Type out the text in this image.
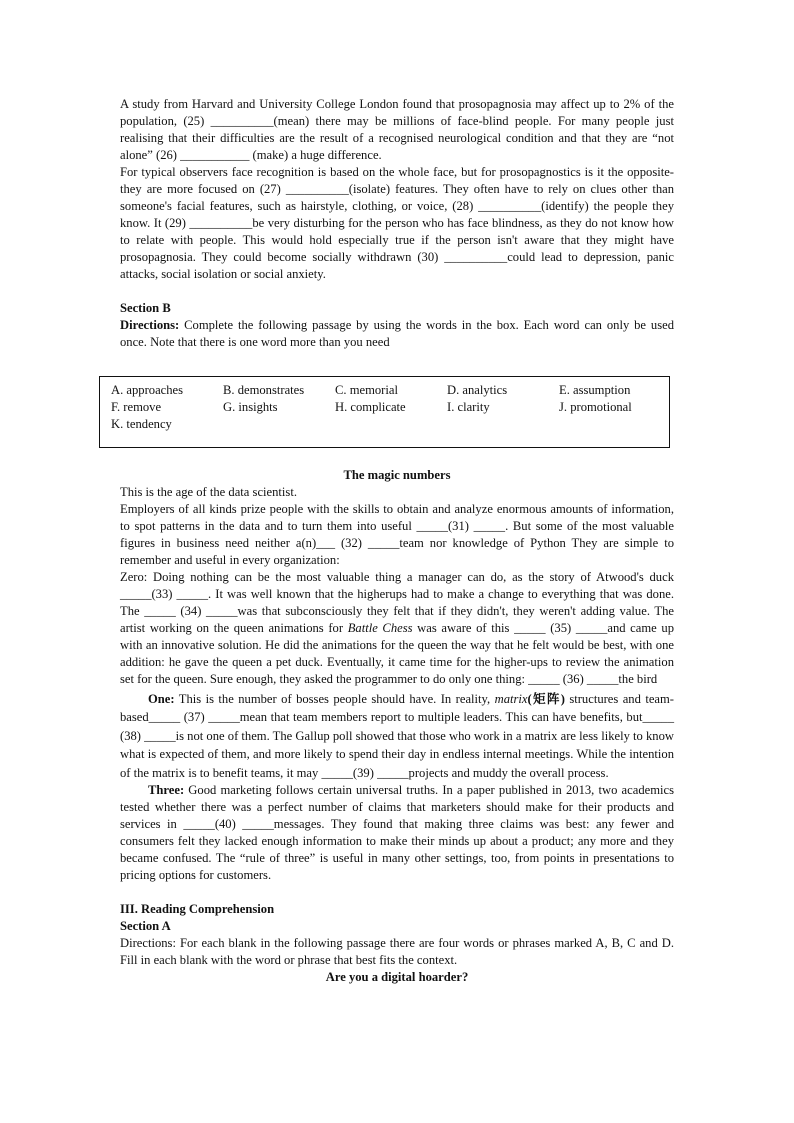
A study from Harvard and University College London found that prosopagnosia may affect up to 2% of the population, (25) __________(mean) there may be millions of face-blind people. For many people just realising that their difficulties are the result of a recognised neurological condition and that they are “not alone” (26) ___________ (make) a huge difference.

For typical observers face recognition is based on the whole face, but for prosopagnostics is it the opposite- they are more focused on (27) __________(isolate) features. They often have to rely on clues other than someone's facial features, such as hairstyle, clothing, or voice, (28) __________(identify) the people they know. It (29) __________be very disturbing for the person who has face blindness, as they do not know how to relate with people. This would hold especially true if the person isn't aware that they might have prosopagnosia. They could become socially withdrawn (30) __________could lead to depression, panic attacks, social isolation or social anxiety.

Section B

Directions: Complete the following passage by using the words in the box. Each word can only be used once. Note that there is one word more than you need

A. approaches	B. demonstrates	C. memorial	D. analytics	E. assumption
F. remove	G. insights	H. complicate	I. clarity	J. promotional
K. tendency

The magic numbers

This is the age of the data scientist.

Employers of all kinds prize people with the skills to obtain and analyze enormous amounts of information, to spot patterns in the data and to turn them into useful _____(31) _____. But some of the most valuable figures in business need neither a(n)___ (32) _____team nor knowledge of Python They are simple to remember and useful in every organization:

Zero: Doing nothing can be the most valuable thing a manager can do, as the story of Atwood's duck _____(33) _____. It was well known that the higherups had to make a change to everything that was done. The _____ (34) _____was that subconsciously they felt that if they didn't, they weren't adding value. The artist working on the queen animations for Battle Chess was aware of this _____ (35) _____and came up with an innovative solution. He did the animations for the queen the way that he felt would be best, with one addition: he gave the queen a pet duck. Eventually, it came time for the higher-ups to review the animation set for the queen. Sure enough, they asked the programmer to do only one thing: _____ (36) _____the bird

One: This is the number of bosses people should have. In reality, matrix(矩阵) structures and team-based_____ (37) _____mean that team members report to multiple leaders. This can have benefits, but_____ (38) _____is not one of them. The Gallup poll showed that those who work in a matrix are less likely to know what is expected of them, and more likely to spend their day in endless internal meetings. While the intention of the matrix is to benefit teams, it may _____(39) _____projects and muddy the overall process.

Three: Good marketing follows certain universal truths. In a paper published in 2013, two academics tested whether there was a perfect number of claims that marketers should make for their products and services in _____(40) _____messages. They found that making three claims was best: any fewer and consumers felt they lacked enough information to make their minds up about a product; any more and they became confused. The “rule of three” is useful in many other settings, too, from points in presentations to pricing options for customers.

III. Reading Comprehension

Section A

Directions: For each blank in the following passage there are four words or phrases marked A, B, C and D. Fill in each blank with the word or phrase that best fits the context.

Are you a digital hoarder?
